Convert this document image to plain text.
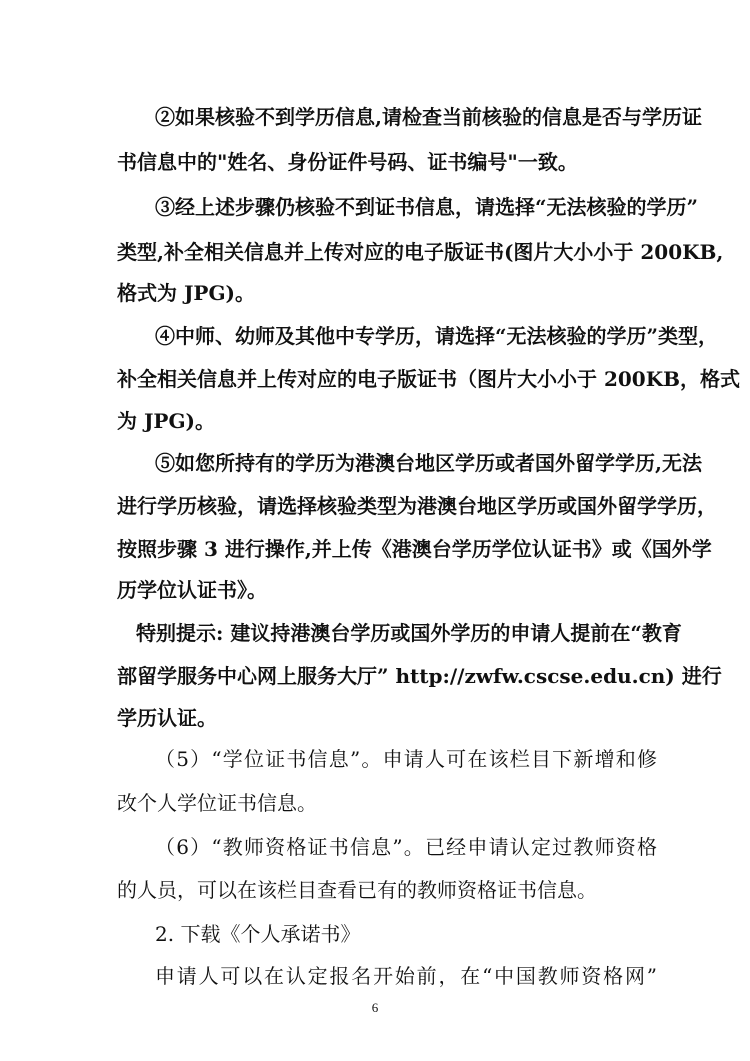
②如果核验不到学历信息,请检查当前核验的信息是否与学历证
书信息中的"姓名、身份证件号码、证书编号"一致。
③经上述步骤仍核验不到证书信息，请选择“无法核验的学历”
类型,补全相关信息并上传对应的电子版证书(图片大小小于 200KB,
格式为 JPG)。
④中师、幼师及其他中专学历，请选择“无法核验的学历”类型，
补全相关信息并上传对应的电子版证书（图片大小小于 200KB，格式
为 JPG)。
⑤如您所持有的学历为港澳台地区学历或者国外留学学历,无法
进行学历核验，请选择核验类型为港澳台地区学历或国外留学学历，
按照步骤 3 进行操作,并上传《港澳台学历学位认证书》或《国外学
历学位认证书》。
特别提示: 建议持港澳台学历或国外学历的申请人提前在“教育
部留学服务中心网上服务大厅” http://zwfw.cscse.edu.cn) 进行
学历认证。
（5）“学位证书信息”。申请人可在该栏目下新增和修
改个人学位证书信息。
（6）“教师资格证书信息”。已经申请认定过教师资格
的人员，可以在该栏目查看已有的教师资格证书信息。
2. 下载《个人承诺书》
申请人可以在认定报名开始前，在“中国教师资格网”
6
